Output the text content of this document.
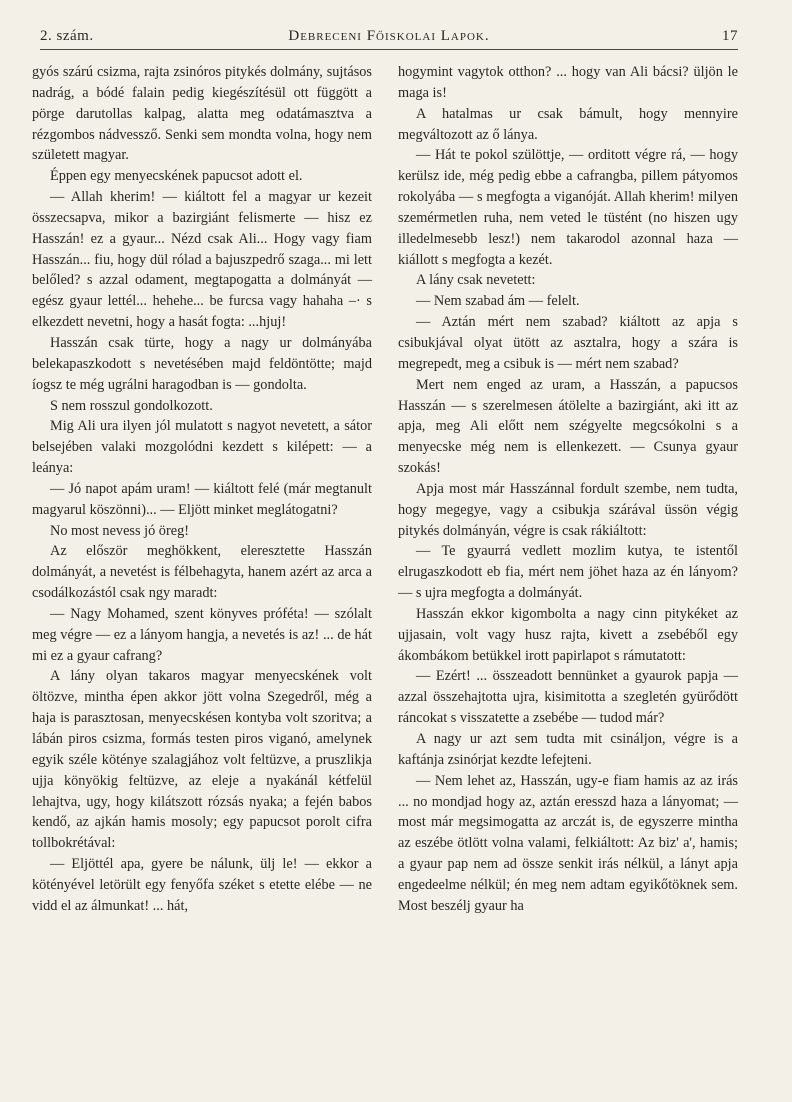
2. szám.	Debreceni Főiskolai Lapok.	17

gyós szárú csizma, rajta zsinóros pitykés dolmány, sujtásos nadrág, a bódé falain pedig kiegészítésül ott függött a pörge darutollas kalpag, alatta meg odatámasztva a rézgombos nádvessző. Senki sem mondta volna, hogy nem született magyar.

Éppen egy menyecskének papucsot adott el.

— Allah kherim! — kiáltott fel a magyar ur kezeit összecsapva, mikor a bazirgiánt felismerte — hisz ez Hasszán! ez a gyaur... Nézd csak Ali... Hogy vagy fiam Hasszán... fiu, hogy dül rólad a bajuszpedrő szaga... mi lett belőled? s azzal odament, megtapogatta a dolmányát — egész gyaur lettél... hehehe... be furcsa vagy hahaha –· s elkezdett nevetni, hogy a hasát fogta: ...hjuj!

Hasszán csak türte, hogy a nagy ur dolmányába belekapaszkodott s nevetésében majd feldöntötte; majd íogsz te még ugrálni haragodban is — gondolta.

S nem rosszul gondolkozott.

Mig Ali ura ilyen jól mulatott s nagyot nevetett, a sátor belsejében valaki mozgolódni kezdett s kilépett: — a leánya:

— Jó napot apám uram! — kiáltott felé (már megtanult magyarul köszönni)... — Eljött minket meglátogatni?

No most nevess jó öreg!

Az először meghökkent, eleresztette Hasszán dolmányát, a nevetést is félbehagyta, hanem azért az arca a csodálkozástól csak ngy maradt:

— Nagy Mohamed, szent könyves próféta! — szólalt meg végre — ez a lányom hangja, a nevetés is az! ... de hát mi ez a gyaur cafrang?

A lány olyan takaros magyar menyecskének volt öltözve, mintha épen akkor jött volna Szegedről, még a haja is parasztosan, menyecskésen kontyba volt szoritva; a lábán piros csizma, formás testen piros viganó, amelynek egyik széle köténye szalagjához volt feltüzve, a pruszlikja ujja könyökig feltüzve, az eleje a nyakánál kétfelül lehajtva, ugy, hogy kilátszott rózsás nyaka; a fején babos kendő, az ajkán hamis mosoly; egy papucsot porolt cifra tollbokrétával:

— Eljöttél apa, gyere be nálunk, ülj le! — ekkor a kötényével letörült egy fenyőfa széket s etette elébe — ne vidd el az álmunkat! ... hát,

hogymint vagytok otthon? ... hogy van Ali bácsi? üljön le maga is!

A hatalmas ur csak bámult, hogy mennyire megváltozott az ő lánya.

— Hát te pokol szülöttje, — orditott végre rá, — hogy kerülsz ide, még pedig ebbe a cafrangba, pillem pátyomos rokolyába — s megfogta a viganóját. Allah kherim! milyen szemérmetlen ruha, nem veted le tüstént (no hiszen ugy illedelmesebb lesz!) nem takarodol azonnal haza — kiállott s megfogta a kezét.

A lány csak nevetett:

— Nem szabad ám — felelt.

— Aztán mért nem szabad? kiáltott az apja s csibukjával olyat ütött az asztalra, hogy a szára is megrepedt, meg a csibuk is — mért nem szabad?

Mert nem enged az uram, a Hasszán, a papucsos Hasszán — s szerelmesen átölelte a bazirgiánt, aki itt az apja, meg Ali előtt nem szégyelte megcsókolni s a menyecske még nem is ellenkezett. — Csunya gyaur szokás!

Apja most már Hasszánnal fordult szembe, nem tudta, hogy megegye, vagy a csibukja szárával üssön végig pitykés dolmányán, végre is csak rákiáltott:

— Te gyaurrá vedlett mozlim kutya, te istentől elrugaszkodott eb fia, mért nem jöhet haza az én lányom? — s ujra megfogta a dolmányát.

Hasszán ekkor kigombolta a nagy cinn pitykéket az ujjasain, volt vagy husz rajta, kivett a zsebéből egy ákombákom betükkel irott papirlapot s rámutatott:

— Ezért! ... összeadott bennünket a gyaurok papja — azzal összehajtotta ujra, kisimitotta a szegletén gyürődött ráncokat s visszatette a zsebébe — tudod már?

A nagy ur azt sem tudta mit csináljon, végre is a kaftánja zsinórjat kezdte lefejteni.

— Nem lehet az, Hasszán, ugy-e fiam hamis az az irás ... no mondjad hogy az, aztán eresszd haza a lányomat; — most már megsimogatta az arczát is, de egyszerre mintha az eszébe ötlött volna valami, felkiáltott: Az biz' a', hamis; a gyaur pap nem ad össze senkit irás nélkül, a lányt apja engedeelme nélkül; én meg nem adtam egyikőtöknek sem. Most beszélj gyaur ha
